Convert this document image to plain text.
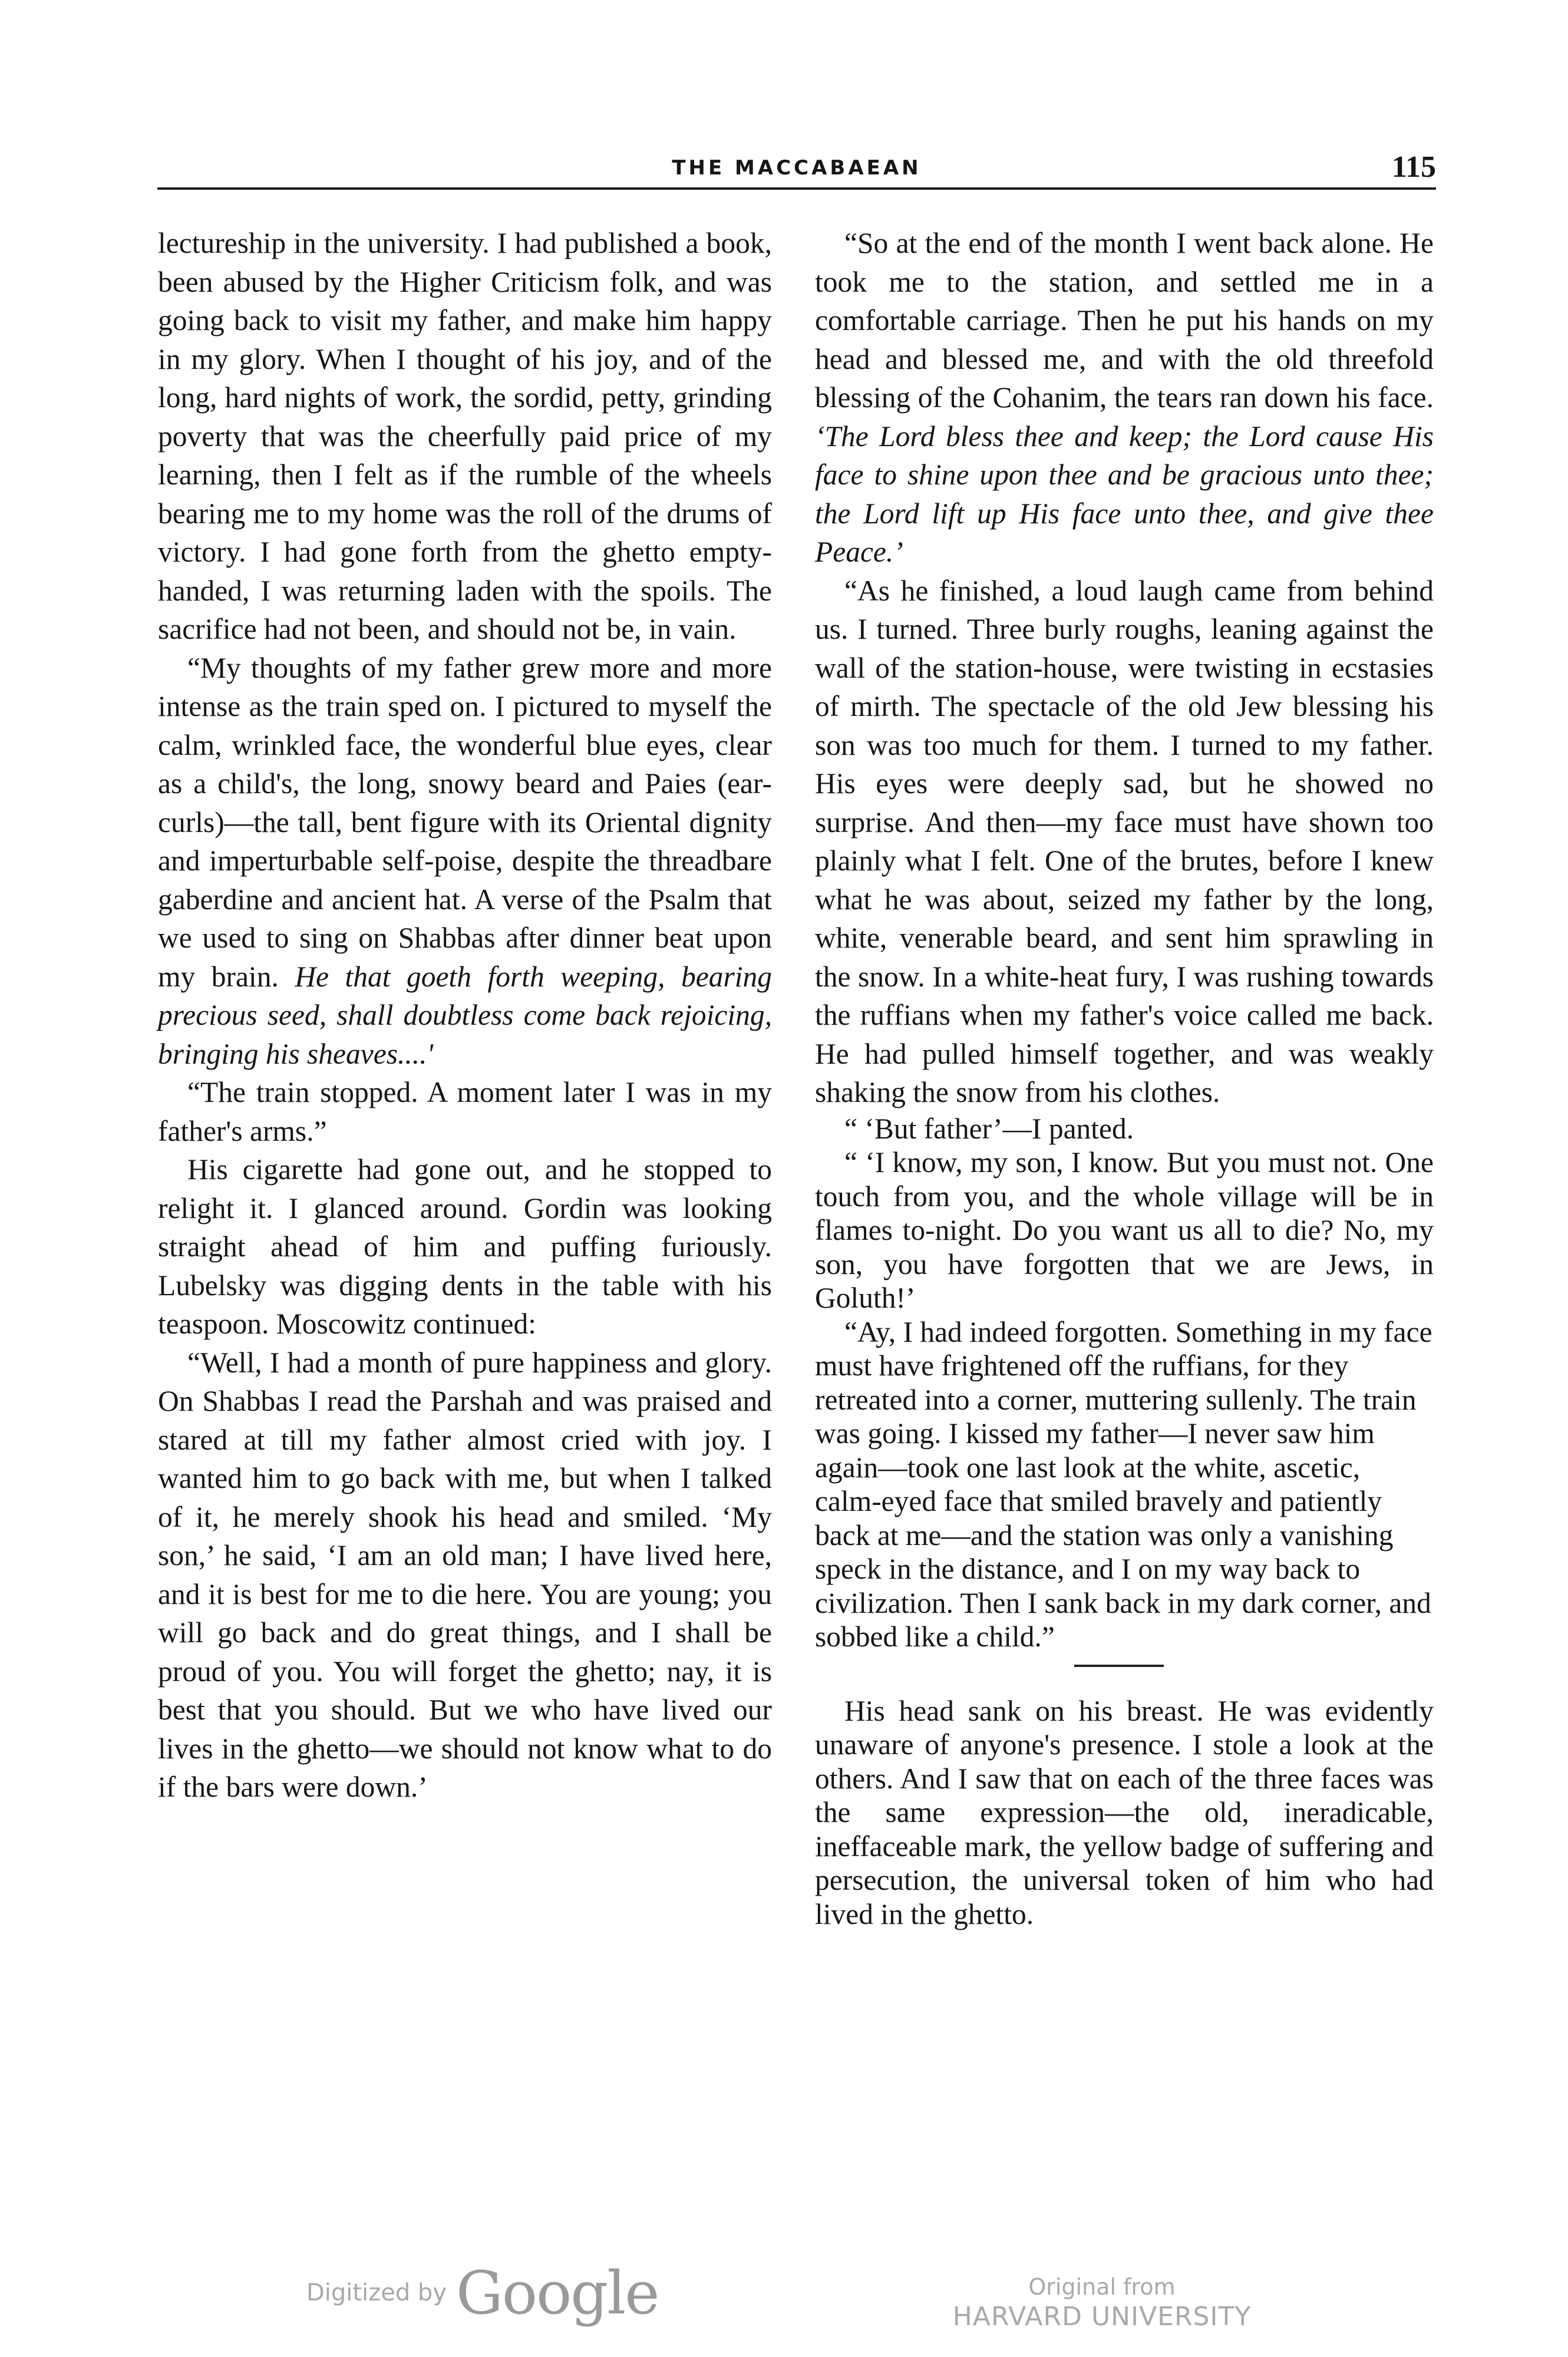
THE MACCABAEAN	115

lectureship in the university. I had published a book, been abused by the Higher Criticism folk, and was going back to visit my father, and make him happy in my glory. When I thought of his joy, and of the long, hard nights of work, the sordid, petty, grinding poverty that was the cheerfully paid price of my learning, then I felt as if the rumble of the wheels bearing me to my home was the roll of the drums of victory. I had gone forth from the ghetto empty-handed, I was returning laden with the spoils. The sacrifice had not been, and should not be, in vain.

“My thoughts of my father grew more and more intense as the train sped on. I pictured to myself the calm, wrinkled face, the wonderful blue eyes, clear as a child's, the long, snowy beard and Paies (ear-curls)—the tall, bent figure with its Oriental dignity and imperturbable self-poise, despite the threadbare gaberdine and ancient hat. A verse of the Psalm that we used to sing on Shabbas after dinner beat upon my brain. He that goeth forth weeping, bearing precious seed, shall doubtless come back rejoicing, bringing his sheaves....'

“The train stopped. A moment later I was in my father's arms.”

His cigarette had gone out, and he stopped to relight it. I glanced around. Gordin was looking straight ahead of him and puffing furiously. Lubelsky was digging dents in the table with his teaspoon. Moscowitz continued:

“Well, I had a month of pure happiness and glory. On Shabbas I read the Parshah and was praised and stared at till my father almost cried with joy. I wanted him to go back with me, but when I talked of it, he merely shook his head and smiled. ‘My son,’ he said, ‘I am an old man; I have lived here, and it is best for me to die here. You are young; you will go back and do great things, and I shall be proud of you. You will forget the ghetto; nay, it is best that you should. But we who have lived our lives in the ghetto—we should not know what to do if the bars were down.’

“So at the end of the month I went back alone. He took me to the station, and settled me in a comfortable carriage. Then he put his hands on my head and blessed me, and with the old threefold blessing of the Cohanim, the tears ran down his face. ‘The Lord bless thee and keep; the Lord cause His face to shine upon thee and be gracious unto thee; the Lord lift up His face unto thee, and give thee Peace.’

“As he finished, a loud laugh came from behind us. I turned. Three burly roughs, leaning against the wall of the station-house, were twisting in ecstasies of mirth. The spectacle of the old Jew blessing his son was too much for them. I turned to my father. His eyes were deeply sad, but he showed no surprise. And then—my face must have shown too plainly what I felt. One of the brutes, before I knew what he was about, seized my father by the long, white, venerable beard, and sent him sprawling in the snow. In a white-heat fury, I was rushing towards the ruffians when my father's voice called me back. He had pulled himself together, and was weakly shaking the snow from his clothes.

“ ‘But father’—I panted.

“ ‘I know, my son, I know. But you must not. One touch from you, and the whole village will be in flames to-night. Do you want us all to die? No, my son, you have forgotten that we are Jews, in Goluth!’

“Ay, I had indeed forgotten. Something in my face must have frightened off the ruffians, for they retreated into a corner, muttering sullenly. The train was going. I kissed my father—I never saw him again—took one last look at the white, ascetic, calm-eyed face that smiled bravely and patiently back at me—and the station was only a vanishing speck in the distance, and I on my way back to civilization. Then I sank back in my dark corner, and sobbed like a child.”

His head sank on his breast. He was evidently unaware of anyone's presence. I stole a look at the others. And I saw that on each of the three faces was the same expression—the old, ineradicable, ineffaceable mark, the yellow badge of suffering and persecution, the universal token of him who had lived in the ghetto.

Digitized by Google	Original from
HARVARD UNIVERSITY
